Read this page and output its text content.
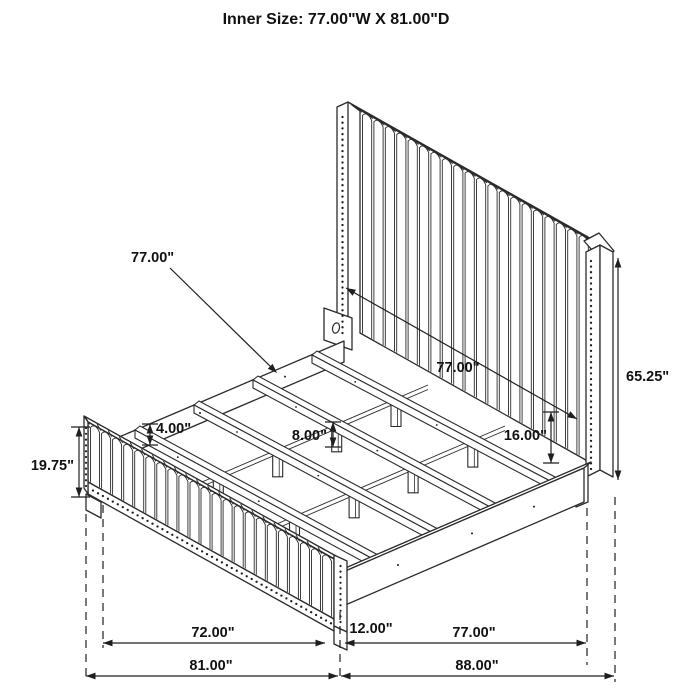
Inner Size: 77.00"W X 81.00"D
77.00"
77.00"
65.25"
19.75"
4.00"	8.00"	16.00"
72.00"	12.00"	77.00"
81.00"	88.00"
